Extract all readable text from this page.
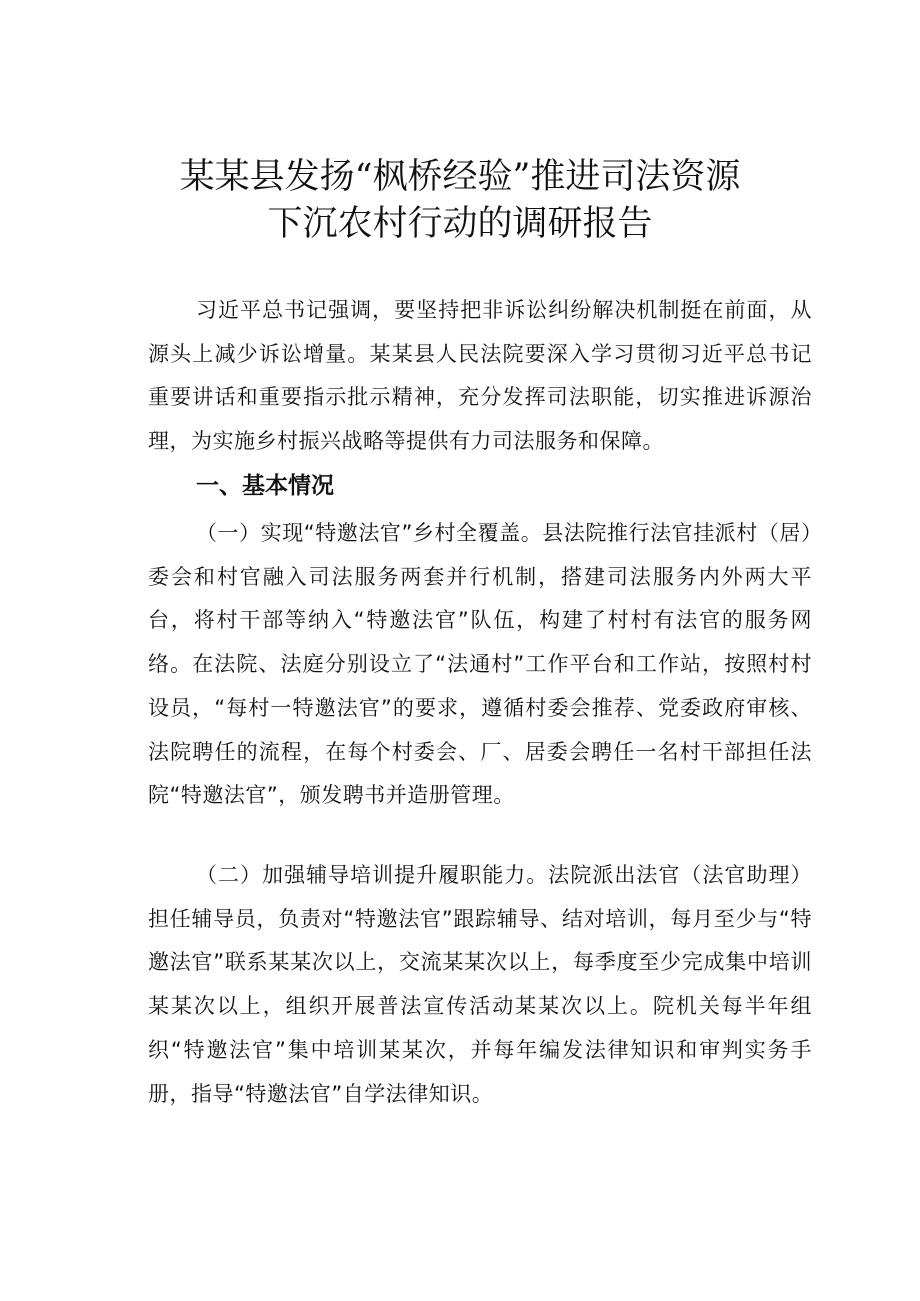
某某县发扬“枫桥经验”推进司法资源
下沉农村行动的调研报告

习近平总书记强调，要坚持把非诉讼纠纷解决机制挺在前面，从源头上减少诉讼增量。某某县人民法院要深入学习贯彻习近平总书记重要讲话和重要指示批示精神，充分发挥司法职能，切实推进诉源治理，为实施乡村振兴战略等提供有力司法服务和保障。

一、基本情况

（一）实现“特邀法官”乡村全覆盖。县法院推行法官挂派村（居）委会和村官融入司法服务两套并行机制，搭建司法服务内外两大平台，将村干部等纳入“特邀法官”队伍，构建了村村有法官的服务网络。在法院、法庭分别设立了“法通村”工作平台和工作站，按照村村设员，“每村一特邀法官”的要求，遵循村委会推荐、党委政府审核、法院聘任的流程，在每个村委会、厂、居委会聘任一名村干部担任法院“特邀法官”，颁发聘书并造册管理。

（二）加强辅导培训提升履职能力。法院派出法官（法官助理）担任辅导员，负责对“特邀法官”跟踪辅导、结对培训，每月至少与“特邀法官”联系某某次以上，交流某某次以上，每季度至少完成集中培训某某次以上，组织开展普法宣传活动某某次以上。院机关每半年组织“特邀法官”集中培训某某次，并每年编发法律知识和审判实务手册，指导“特邀法官”自学法律知识。
